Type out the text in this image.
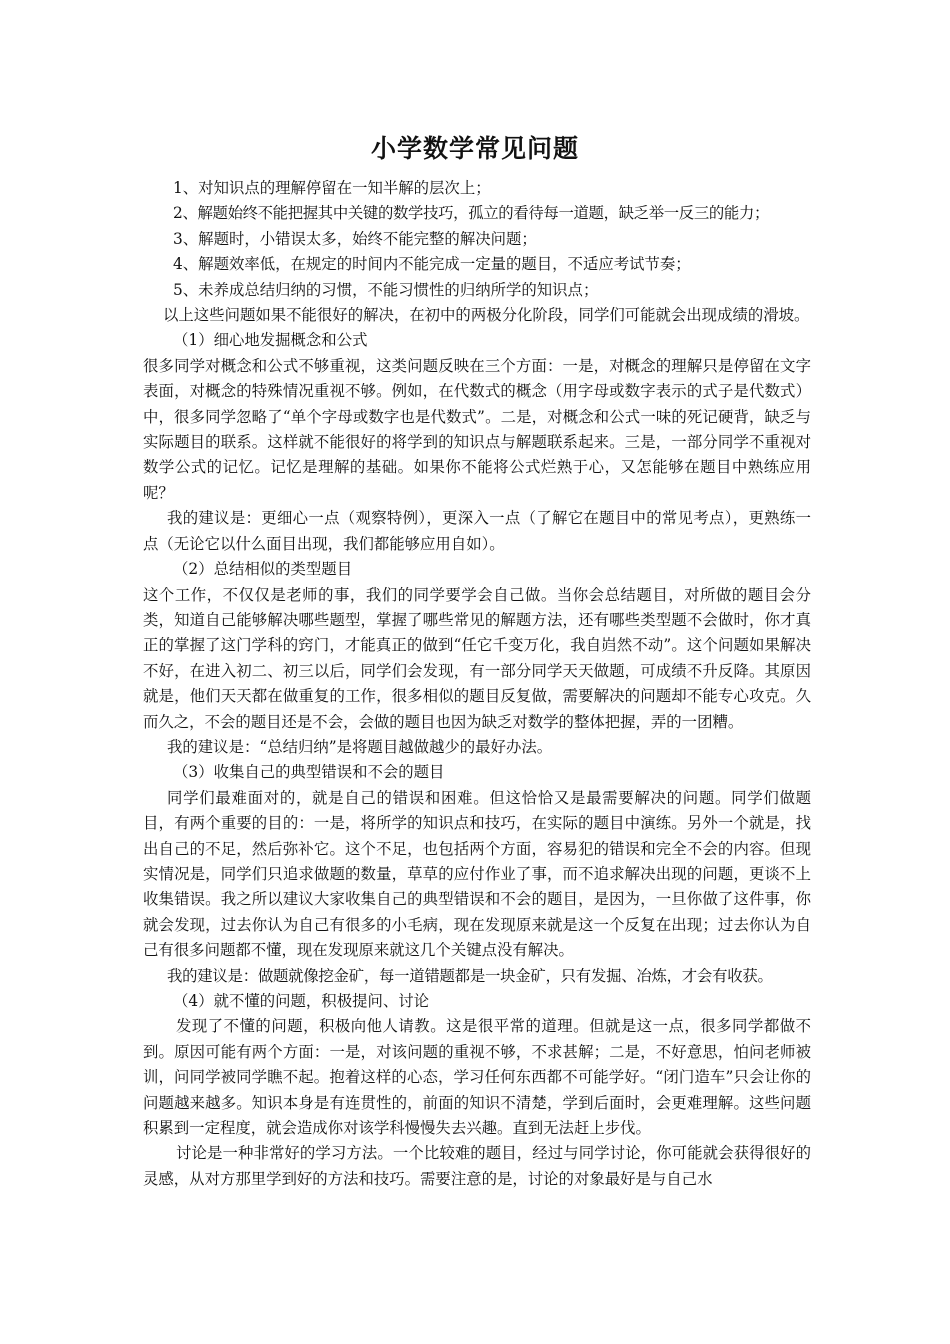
小学数学常见问题

1、对知识点的理解停留在一知半解的层次上；

2、解题始终不能把握其中关键的数学技巧，孤立的看待每一道题，缺乏举一反三的能力；

3、解题时，小错误太多，始终不能完整的解决问题；

4、解题效率低，在规定的时间内不能完成一定量的题目，不适应考试节奏；

5、未养成总结归纳的习惯，不能习惯性的归纳所学的知识点；

以上这些问题如果不能很好的解决，在初中的两极分化阶段，同学们可能就会出现成绩的滑坡。

（1）细心地发掘概念和公式

很多同学对概念和公式不够重视，这类问题反映在三个方面：一是，对概念的理解只是停留在文字表面，对概念的特殊情况重视不够。例如，在代数式的概念（用字母或数字表示的式子是代数式）中，很多同学忽略了“单个字母或数字也是代数式”。二是，对概念和公式一味的死记硬背，缺乏与实际题目的联系。这样就不能很好的将学到的知识点与解题联系起来。三是，一部分同学不重视对数学公式的记忆。记忆是理解的基础。如果你不能将公式烂熟于心，又怎能够在题目中熟练应用呢？

我的建议是：更细心一点（观察特例），更深入一点（了解它在题目中的常见考点），更熟练一点（无论它以什么面目出现，我们都能够应用自如）。

（2）总结相似的类型题目

这个工作，不仅仅是老师的事，我们的同学要学会自己做。当你会总结题目，对所做的题目会分类，知道自己能够解决哪些题型，掌握了哪些常见的解题方法，还有哪些类型题不会做时，你才真正的掌握了这门学科的窍门，才能真正的做到“任它千变万化，我自岿然不动”。这个问题如果解决不好，在进入初二、初三以后，同学们会发现，有一部分同学天天做题，可成绩不升反降。其原因就是，他们天天都在做重复的工作，很多相似的题目反复做，需要解决的问题却不能专心攻克。久而久之，不会的题目还是不会，会做的题目也因为缺乏对数学的整体把握，弄的一团糟。

我的建议是：“总结归纳”是将题目越做越少的最好办法。

（3）收集自己的典型错误和不会的题目

同学们最难面对的，就是自己的错误和困难。但这恰恰又是最需要解决的问题。同学们做题目，有两个重要的目的：一是，将所学的知识点和技巧，在实际的题目中演练。另外一个就是，找出自己的不足，然后弥补它。这个不足，也包括两个方面，容易犯的错误和完全不会的内容。但现实情况是，同学们只追求做题的数量，草草的应付作业了事，而不追求解决出现的问题，更谈不上收集错误。我之所以建议大家收集自己的典型错误和不会的题目，是因为，一旦你做了这件事，你就会发现，过去你认为自己有很多的小毛病，现在发现原来就是这一个反复在出现；过去你认为自己有很多问题都不懂，现在发现原来就这几个关键点没有解决。

我的建议是：做题就像挖金矿，每一道错题都是一块金矿，只有发掘、冶炼，才会有收获。

（4）就不懂的问题，积极提问、讨论

发现了不懂的问题，积极向他人请教。这是很平常的道理。但就是这一点，很多同学都做不到。原因可能有两个方面：一是，对该问题的重视不够，不求甚解；二是，不好意思，怕问老师被训，问同学被同学瞧不起。抱着这样的心态，学习任何东西都不可能学好。“闭门造车”只会让你的问题越来越多。知识本身是有连贯性的，前面的知识不清楚，学到后面时，会更难理解。这些问题积累到一定程度，就会造成你对该学科慢慢失去兴趣。直到无法赶上步伐。

讨论是一种非常好的学习方法。一个比较难的题目，经过与同学讨论，你可能就会获得很好的灵感，从对方那里学到好的方法和技巧。需要注意的是，讨论的对象最好是与自己水
